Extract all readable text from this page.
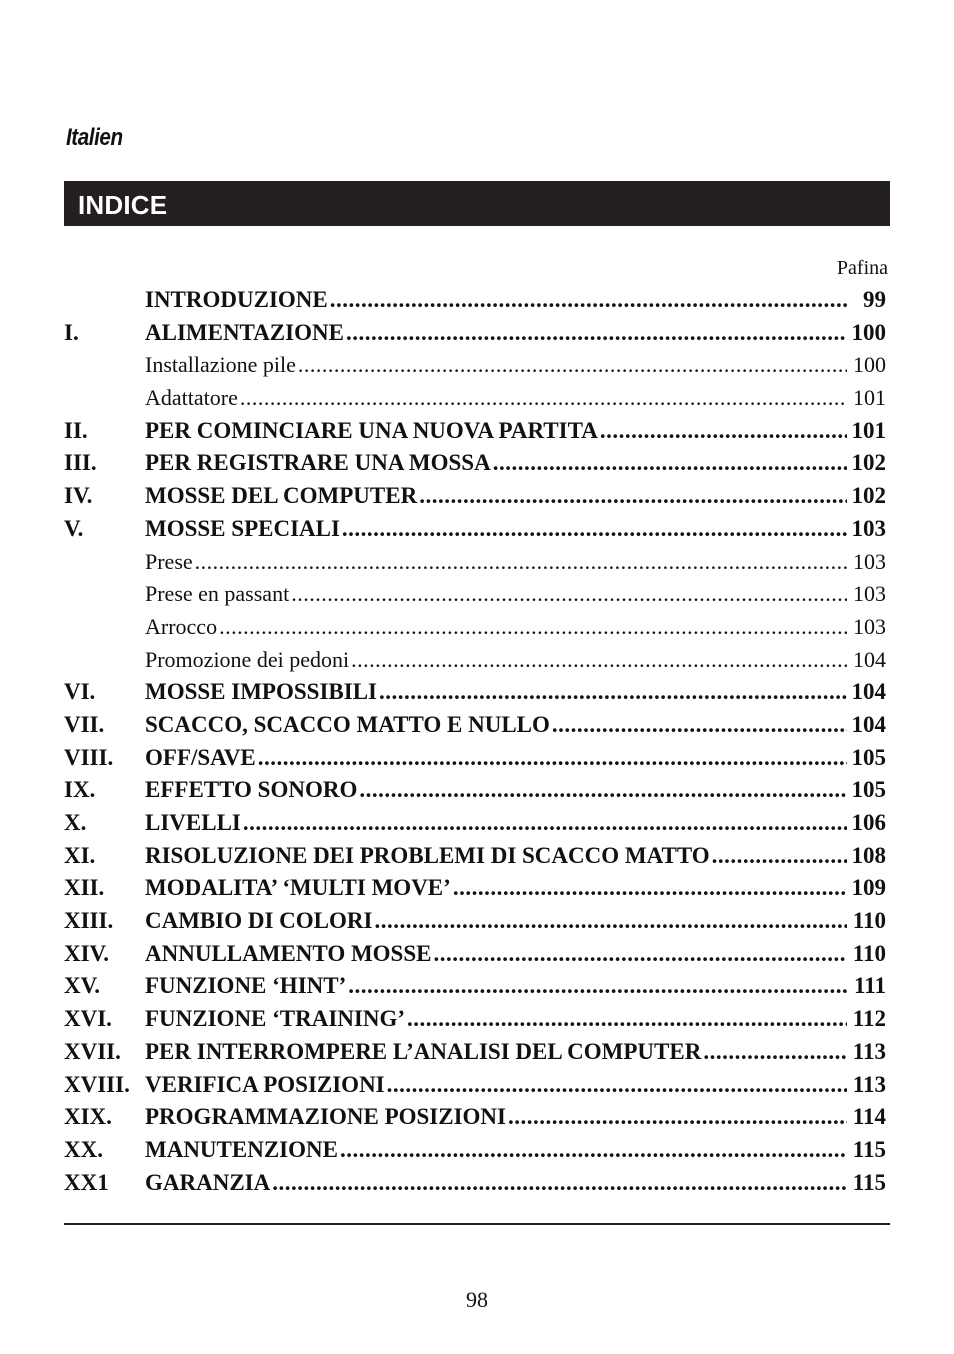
Italien
INDICE
Pafina
INTRODUZIONE .....	99
I.	ALIMENTAZIONE .....	100
Installazione pile .....	100
Adattatore .....	101
II.	PER COMINCIARE UNA NUOVA PARTITA .....	101
III.	PER REGISTRARE UNA MOSSA .....	102
IV.	MOSSE DEL COMPUTER .....	102
V.	MOSSE SPECIALI .....	103
Prese .....	103
Prese en passant .....	103
Arrocco .....	103
Promozione dei pedoni .....	104
VI.	MOSSE IMPOSSIBILI .....	104
VII.	SCACCO, SCACCO MATTO E NULLO .....	104
VIII.	OFF/SAVE .....	105
IX.	EFFETTO SONORO .....	105
X.	LIVELLI .....	106
XI.	RISOLUZIONE DEI PROBLEMI DI SCACCO MATTO .....	108
XII.	MODALITA’ ‘MULTI MOVE’ .....	109
XIII.	CAMBIO DI COLORI .....	110
XIV.	ANNULLAMENTO MOSSE .....	110
XV.	FUNZIONE ‘HINT’ .....	111
XVI.	FUNZIONE ‘TRAINING’ .....	112
XVII.	PER INTERROMPERE L’ANALISI DEL COMPUTER .....	113
XVIII. VERIFICA POSIZIONI .....	113
XIX.	PROGRAMMAZIONE POSIZIONI .....	114
XX.	MANUTENZIONE .....	115
XX1	GARANZIA .....	115
98
